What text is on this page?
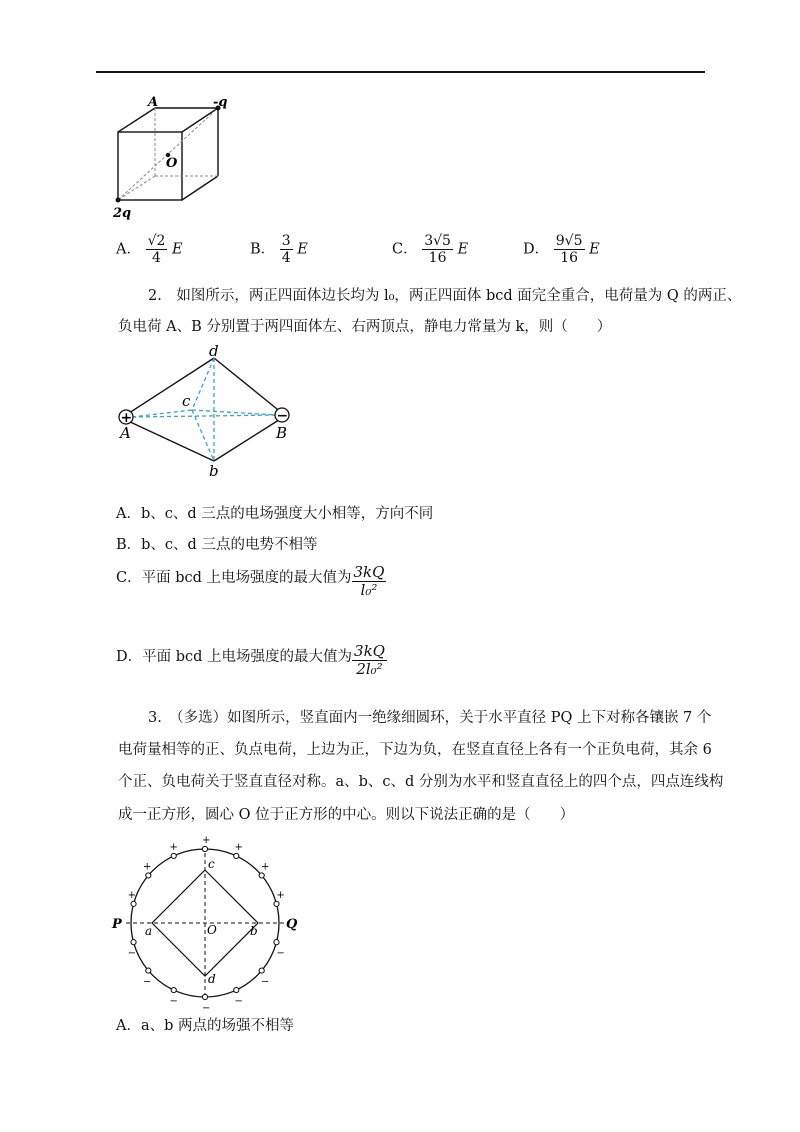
A	-q
O
2q
A． $\frac{√2}{4}$ E	B． $\frac{3}{4}$ E	C． $\frac{3√5}{16}$ E	D． $\frac{9√5}{16}$ E
2.　如图所示，两正四面体边长均为 l₀，两正四面体 bcd 面完全重合，电荷量为 Q 的两正、
负电荷 A、B 分别置于两四面体左、右两顶点，静电力常量为 k，则（　　）
+	−
d
c
A	B
b
A．b、c、d 三点的电场强度大小相等，方向不同
B．b、c、d 三点的电势不相等
C．平面 bcd 上电场强度的最大值为 $\frac{3kQ}{\text{l₀²}}$
D．平面 bcd 上电场强度的最大值为 $\frac{3kQ}{\text{2l₀²}}$
3.　（多选）如图所示，竖直面内一绝缘细圆环，关于水平直径 PQ 上下对称各镶嵌 7 个
电荷量相等的正、负点电荷，上边为正，下边为负，在竖直直径上各有一个正负电荷，其余 6
个正、负电荷关于竖直直径对称。a、b、c、d 分别为水平和竖直直径上的四个点，四点连线构
成一正方形，圆心 O 位于正方形的中心。则以下说法正确的是（　　）
+
+
+
+
+
+
+
−
−
−
−
−
−
−
P	Q
O
a	b
c
d
A．a、b 两点的场强不相等
